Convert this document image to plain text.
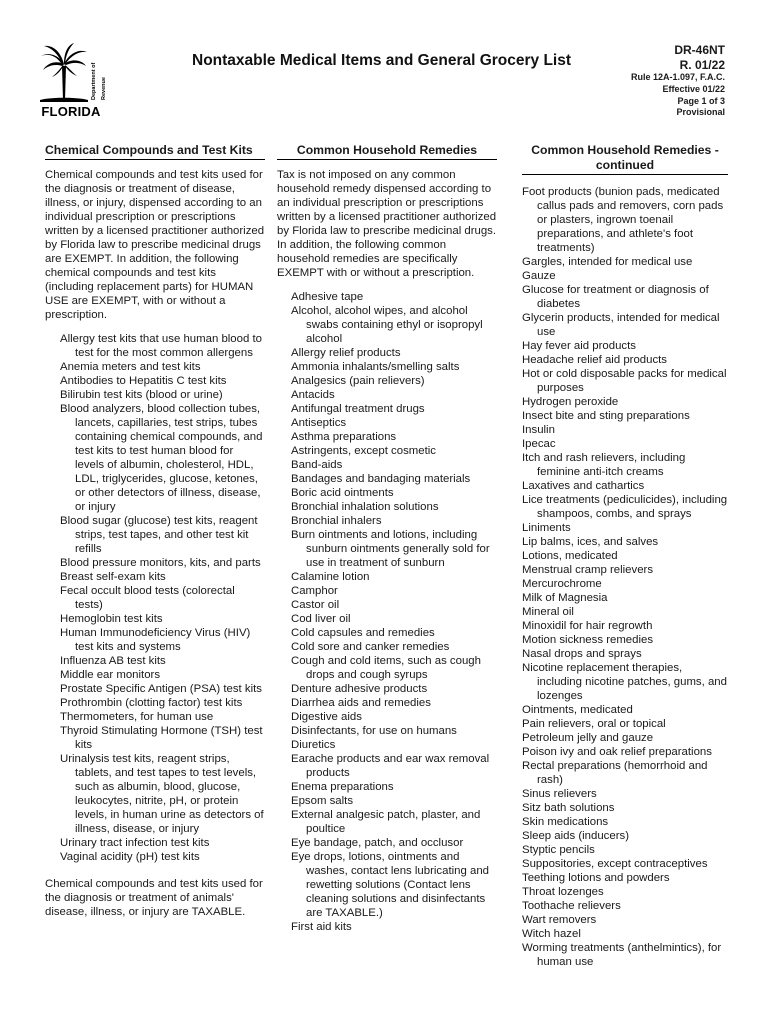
Department of Revenue
FLORIDA
Nontaxable Medical Items and General Grocery List
DR-46NT
R. 01/22
Rule 12A-1.097, F.A.C.
Effective 01/22
Page 1 of 3
Provisional
Chemical Compounds and Test Kits

Chemical compounds and test kits used for the diagnosis or treatment of disease, illness, or injury, dispensed according to an individual prescription or prescriptions written by a licensed practitioner authorized by Florida law to prescribe medicinal drugs are EXEMPT. In addition, the following chemical compounds and test kits (including replacement parts) for HUMAN USE are EXEMPT, with or without a prescription.

Allergy test kits that use human blood to test for the most common allergens
Anemia meters and test kits
Antibodies to Hepatitis C test kits
Bilirubin test kits (blood or urine)
Blood analyzers, blood collection tubes, lancets, capillaries, test strips, tubes containing chemical compounds, and test kits to test human blood for levels of albumin, cholesterol, HDL, LDL, triglycerides, glucose, ketones, or other detectors of illness, disease, or injury
Blood sugar (glucose) test kits, reagent strips, test tapes, and other test kit refills
Blood pressure monitors, kits, and parts
Breast self-exam kits
Fecal occult blood tests (colorectal tests)
Hemoglobin test kits
Human Immunodeficiency Virus (HIV) test kits and systems
Influenza AB test kits
Middle ear monitors
Prostate Specific Antigen (PSA) test kits
Prothrombin (clotting factor) test kits
Thermometers, for human use
Thyroid Stimulating Hormone (TSH) test kits
Urinalysis test kits, reagent strips, tablets, and test tapes to test levels, such as albumin, blood, glucose, leukocytes, nitrite, pH, or protein levels, in human urine as detectors of illness, disease, or injury
Urinary tract infection test kits
Vaginal acidity (pH) test kits

Chemical compounds and test kits used for the diagnosis or treatment of animals' disease, illness, or injury are TAXABLE.

Common Household Remedies

Tax is not imposed on any common household remedy dispensed according to an individual prescription or prescriptions written by a licensed practitioner authorized by Florida law to prescribe medicinal drugs. In addition, the following common household remedies are specifically EXEMPT with or without a prescription.

Adhesive tape
Alcohol, alcohol wipes, and alcohol swabs containing ethyl or isopropyl alcohol
Allergy relief products
Ammonia inhalants/smelling salts
Analgesics (pain relievers)
Antacids
Antifungal treatment drugs
Antiseptics
Asthma preparations
Astringents, except cosmetic
Band-aids
Bandages and bandaging materials
Boric acid ointments
Bronchial inhalation solutions
Bronchial inhalers
Burn ointments and lotions, including sunburn ointments generally sold for use in treatment of sunburn
Calamine lotion
Camphor
Castor oil
Cod liver oil
Cold capsules and remedies
Cold sore and canker remedies
Cough and cold items, such as cough drops and cough syrups
Denture adhesive products
Diarrhea aids and remedies
Digestive aids
Disinfectants, for use on humans
Diuretics
Earache products and ear wax removal products
Enema preparations
Epsom salts
External analgesic patch, plaster, and poultice
Eye bandage, patch, and occlusor
Eye drops, lotions, ointments and washes, contact lens lubricating and rewetting solutions (Contact lens cleaning solutions and disinfectants are TAXABLE.)
First aid kits
Common Household Remedies -
continued
Foot products (bunion pads, medicated callus pads and removers, corn pads or plasters, ingrown toenail preparations, and athlete's foot treatments)
Gargles, intended for medical use
Gauze
Glucose for treatment or diagnosis of diabetes
Glycerin products, intended for medical use
Hay fever aid products
Headache relief aid products
Hot or cold disposable packs for medical purposes
Hydrogen peroxide
Insect bite and sting preparations
Insulin
Ipecac
Itch and rash relievers, including feminine anti-itch creams
Laxatives and cathartics
Lice treatments (pediculicides), including shampoos, combs, and sprays
Liniments
Lip balms, ices, and salves
Lotions, medicated
Menstrual cramp relievers
Mercurochrome
Milk of Magnesia
Mineral oil
Minoxidil for hair regrowth
Motion sickness remedies
Nasal drops and sprays
Nicotine replacement therapies, including nicotine patches, gums, and lozenges
Ointments, medicated
Pain relievers, oral or topical
Petroleum jelly and gauze
Poison ivy and oak relief preparations
Rectal preparations (hemorrhoid and rash)
Sinus relievers
Sitz bath solutions
Skin medications
Sleep aids (inducers)
Styptic pencils
Suppositories, except contraceptives
Teething lotions and powders
Throat lozenges
Toothache relievers
Wart removers
Witch hazel
Worming treatments (anthelmintics), for human use
